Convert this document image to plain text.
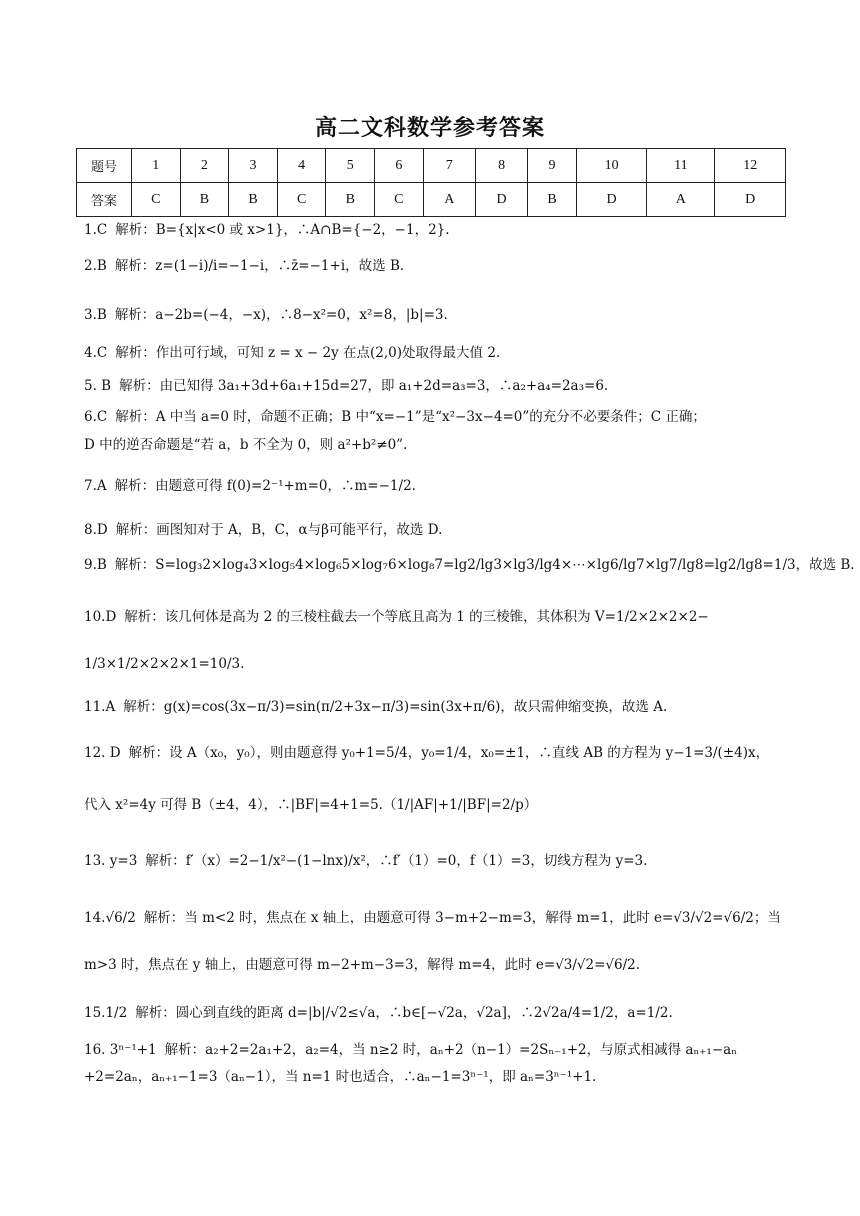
高二文科数学参考答案
题号	1	2	3	4	5	6	7	8	9	10	11	12
答案	C	B	B	C	B	C	A	D	B	D	A	D
1.C 解析：B={x|x<0 或 x>1}，∴A∩B={−2，−1，2}.
2.B 解析：z=(1−i)/i=−1−i，∴z̄=−1+i，故选 B.
3.B 解析：a−2b=(−4，−x)，∴8−x²=0，x²=8，|b|=3.
4.C 解析：作出可行域，可知 z = x − 2y 在点(2,0)处取得最大值 2.
5. B 解析：由已知得 3a₁+3d+6a₁+15d=27，即 a₁+2d=a₃=3，∴a₂+a₄=2a₃=6.
6.C 解析：A 中当 a=0 时，命题不正确；B 中“x=−1”是“x²−3x−4=0”的充分不必要条件；C 正确；
D 中的逆否命题是“若 a，b 不全为 0，则 a²+b²≠0”.
7.A 解析：由题意可得 f(0)=2⁻¹+m=0，∴m=−1/2.
8.D 解析：画图知对于 A，B，C，α与β可能平行，故选 D.
9.B 解析：S=log₃2×log₄3×log₅4×log₆5×log₇6×log₈7=lg2/lg3×lg3/lg4×⋯×lg6/lg7×lg7/lg8=lg2/lg8=1/3，故选 B.
10.D 解析：该几何体是高为 2 的三棱柱截去一个等底且高为 1 的三棱锥，其体积为 V=1/2×2×2×2−
1/3×1/2×2×2×1=10/3.
11.A 解析：g(x)=cos(3x−π/3)=sin(π/2+3x−π/3)=sin(3x+π/6)，故只需伸缩变换，故选 A.
12. D 解析：设 A（x₀，y₀），则由题意得 y₀+1=5/4，y₀=1/4，x₀=±1，∴直线 AB 的方程为 y−1=3/(±4)x，
代入 x²=4y 可得 B（±4，4），∴|BF|=4+1=5.（1/|AF|+1/|BF|=2/p）
13. y=3 解析：f′（x）=2−1/x²−(1−lnx)/x²，∴f′（1）=0，f（1）=3，切线方程为 y=3.
14.√6/2 解析：当 m<2 时，焦点在 x 轴上，由题意可得 3−m+2−m=3，解得 m=1，此时 e=√3/√2=√6/2；当
m>3 时，焦点在 y 轴上，由题意可得 m−2+m−3=3，解得 m=4，此时 e=√3/√2=√6/2.
15.1/2 解析：圆心到直线的距离 d=|b|/√2≤√a，∴b∈[−√2a，√2a]，∴2√2a/4=1/2，a=1/2.
16. 3ⁿ⁻¹+1 解析：a₂+2=2a₁+2，a₂=4，当 n≥2 时，aₙ+2（n−1）=2Sₙ₋₁+2，与原式相减得 aₙ₊₁−aₙ
+2=2aₙ，aₙ₊₁−1=3（aₙ−1），当 n=1 时也适合，∴aₙ−1=3ⁿ⁻¹，即 aₙ=3ⁿ⁻¹+1.
